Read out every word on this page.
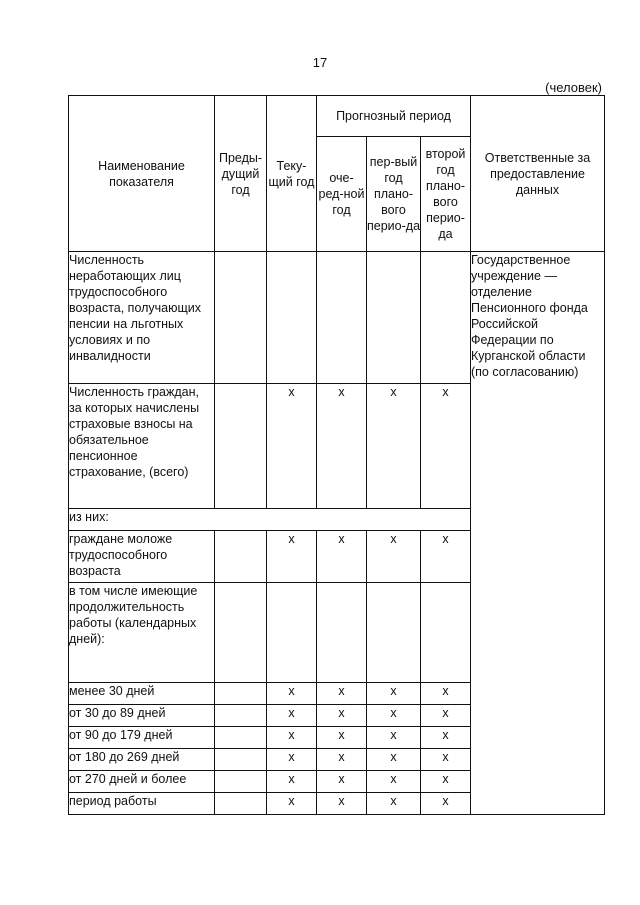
17
(человек)
Наименование показателя	Преды-дущий год	Теку-щий год	Прогнозный период			Ответственные за предоставление данных
			оче-ред-ной год	пер-вый год плано-вого перио-да	второй год плано-вого перио-да	
Численность неработающих лиц трудоспособного возраста, получающих пенсии на льготных условиях и по инвалидности						Государственное учреждение — отделение Пенсионного фонда Российской Федерации по Курганской области (по согласованию)
Численность граждан, за которых начислены страховые взносы на обязательное пенсионное страхование, (всего)		x	x	x	x	
из них:						
граждане моложе трудоспособного возраста		x	x	x	x	
в том числе имеющие продолжительность работы (календарных дней):						
менее 30 дней		x	x	x	x	
от 30 до 89 дней		x	x	x	x	
от 90 до 179 дней		x	x	x	x	
от 180 до 269 дней		x	x	x	x	
от 270 дней и более		x	x	x	x	
период работы		x	x	x	x	
